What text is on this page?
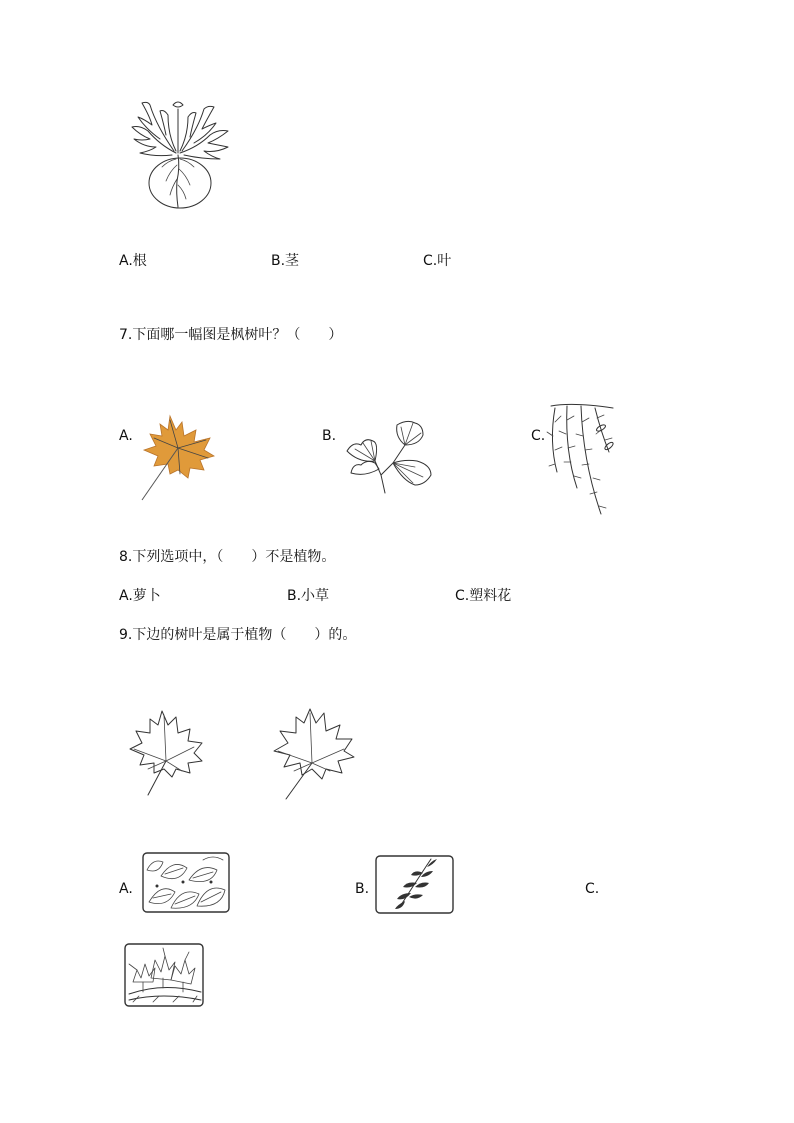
A.根	B.茎	C.叶
7.下面哪一幅图是枫树叶？（　　）
A.	B.	C.
8.下列选项中，（　　）不是植物。
A.萝卜	B.小草	C.塑料花
9.下边的树叶是属于植物（　　）的。
A.	B.	C.
